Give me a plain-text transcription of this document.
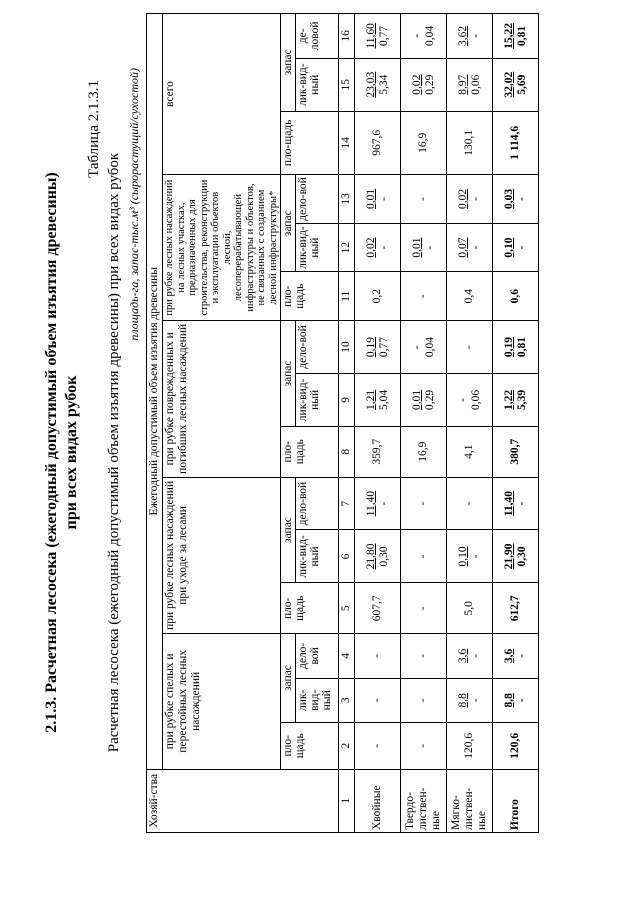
2.1.3. Расчетная лесосека (ежегодный допустимый объем изъятия древесины) при всех видах рубок
Таблица 2.1.3.1
Расчетная лесосека (ежегодный допустимый объем изъятия древесины) при всех видах рубок площадь-га, запас-тыс.м³ (сырорастущий/сухостой)
Хозяй-ства	Ежегодный допустимый объем изъятия древесины														
	при рубке спелых и перестойных лесных насаждений			при рубке лесных насаждений при уходе за лесами			при рубке поврежденных и погибших лесных насаждений			при рубке лесных насаждений на лесных участках, предназначенных для строительства, реконструкции и эксплуатации объектов лесной, лесоперерабатывающей инфраструктуры и объектов, не связанных с созданием лесной инфраструктуры*			всего		
	пло-щадь	запас		пло-щадь	запас		пло-щадь	запас		пло-щадь	запас		пло-щадь	запас	
		лик-вид-ный	дело-вой		лик-вид-ный	дело-вой		лик-вид-ный	дело-вой		лик-вид-ный	дело-вой		лик-вид-ный	де-ловой
1	2	3	4	5	6	7	8	9	10	11	12	13	14	15	16
Хвойные	-	-	-	607,7	21,80 0,30	11,40 -	359,7	1,21 5,04	0,19 0,77	0,2	0,02 -	0,01 -	967,6	23,03 5,34	11,60 0,77

Твердо-листвен-ные	-	-	-	-	-	-	16,9	0,01 0,29	- 0,04	-	0,01 -	-	16,9	0,02 0,29	- 0,04

Мягко-листвен-ные	120,6	8,8 -	3,6 -	5,0	0,10 -	-	4,1	- 0,06	-	0,4	0,07 -	0,02 -	130,1	8,97 0,06	3,62 -

Итого	120,6	8,8 -	3,6 -	612,7	21,90 0,30	11,40 -	380,7	1,22 5,39	0,19 0,81	0,6	0,10 -	0,03 -	1 114,6	32,02 5,69	15,22 0,81
